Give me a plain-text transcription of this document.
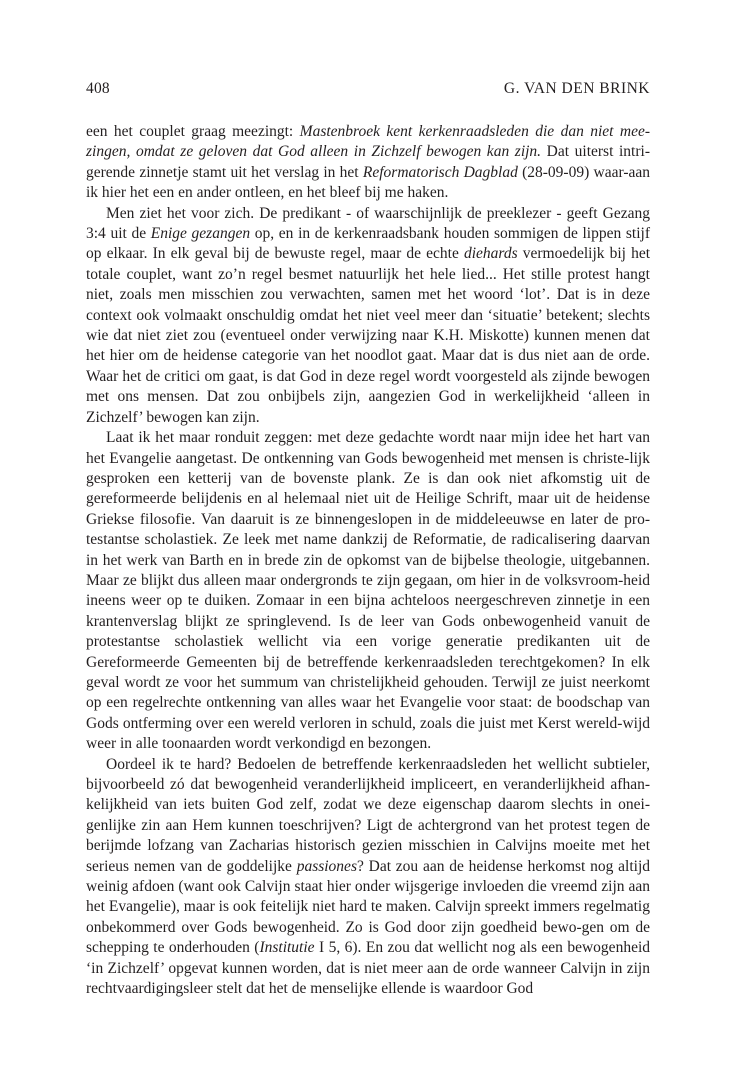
408	G. VAN DEN BRINK

een het couplet graag meezingt: Mastenbroek kent kerkenraadsleden die dan niet mee-zingen, omdat ze geloven dat God alleen in Zichzelf bewogen kan zijn. Dat uiterst intri-gerende zinnetje stamt uit het verslag in het Reformatorisch Dagblad (28-09-09) waar-aan ik hier het een en ander ontleen, en het bleef bij me haken.

Men ziet het voor zich. De predikant - of waarschijnlijk de preeklezer - geeft Gezang 3:4 uit de Enige gezangen op, en in de kerkenraadsbank houden sommigen de lippen stijf op elkaar. In elk geval bij de bewuste regel, maar de echte diehards vermoedelijk bij het totale couplet, want zo’n regel besmet natuurlijk het hele lied... Het stille protest hangt niet, zoals men misschien zou verwachten, samen met het woord ‘lot’. Dat is in deze context ook volmaakt onschuldig omdat het niet veel meer dan ‘situatie’ betekent; slechts wie dat niet ziet zou (eventueel onder verwijzing naar K.H. Miskotte) kunnen menen dat het hier om de heidense categorie van het noodlot gaat. Maar dat is dus niet aan de orde. Waar het de critici om gaat, is dat God in deze regel wordt voorgesteld als zijnde bewogen met ons mensen. Dat zou onbijbels zijn, aangezien God in werkelijkheid ‘alleen in Zichzelf’ bewogen kan zijn.

Laat ik het maar ronduit zeggen: met deze gedachte wordt naar mijn idee het hart van het Evangelie aangetast. De ontkenning van Gods bewogenheid met mensen is christe-lijk gesproken een ketterij van de bovenste plank. Ze is dan ook niet afkomstig uit de gereformeerde belijdenis en al helemaal niet uit de Heilige Schrift, maar uit de heidense Griekse filosofie. Van daaruit is ze binnengeslopen in de middeleeuwse en later de pro-testantse scholastiek. Ze leek met name dankzij de Reformatie, de radicalisering daarvan in het werk van Barth en in brede zin de opkomst van de bijbelse theologie, uitgebannen. Maar ze blijkt dus alleen maar ondergronds te zijn gegaan, om hier in de volksvroom-heid ineens weer op te duiken. Zomaar in een bijna achteloos neergeschreven zinnetje in een krantenverslag blijkt ze springlevend. Is de leer van Gods onbewogenheid vanuit de protestantse scholastiek wellicht via een vorige generatie predikanten uit de Gereformeerde Gemeenten bij de betreffende kerkenraadsleden terechtgekomen? In elk geval wordt ze voor het summum van christelijkheid gehouden. Terwijl ze juist neerkomt op een regelrechte ontkenning van alles waar het Evangelie voor staat: de boodschap van Gods ontferming over een wereld verloren in schuld, zoals die juist met Kerst wereld-wijd weer in alle toonaarden wordt verkondigd en bezongen.

Oordeel ik te hard? Bedoelen de betreffende kerkenraadsleden het wellicht subtieler, bijvoorbeeld zó dat bewogenheid veranderlijkheid impliceert, en veranderlijkheid afhan-kelijkheid van iets buiten God zelf, zodat we deze eigenschap daarom slechts in onei-genlijke zin aan Hem kunnen toeschrijven? Ligt de achtergrond van het protest tegen de berijmde lofzang van Zacharias historisch gezien misschien in Calvijns moeite met het serieus nemen van de goddelijke passiones? Dat zou aan de heidense herkomst nog altijd weinig afdoen (want ook Calvijn staat hier onder wijsgerige invloeden die vreemd zijn aan het Evangelie), maar is ook feitelijk niet hard te maken. Calvijn spreekt immers regelmatig onbekommerd over Gods bewogenheid. Zo is God door zijn goedheid bewo-gen om de schepping te onderhouden (Institutie I 5, 6). En zou dat wellicht nog als een bewogenheid ‘in Zichzelf’ opgevat kunnen worden, dat is niet meer aan de orde wanneer Calvijn in zijn rechtvaardigingsleer stelt dat het de menselijke ellende is waardoor God
